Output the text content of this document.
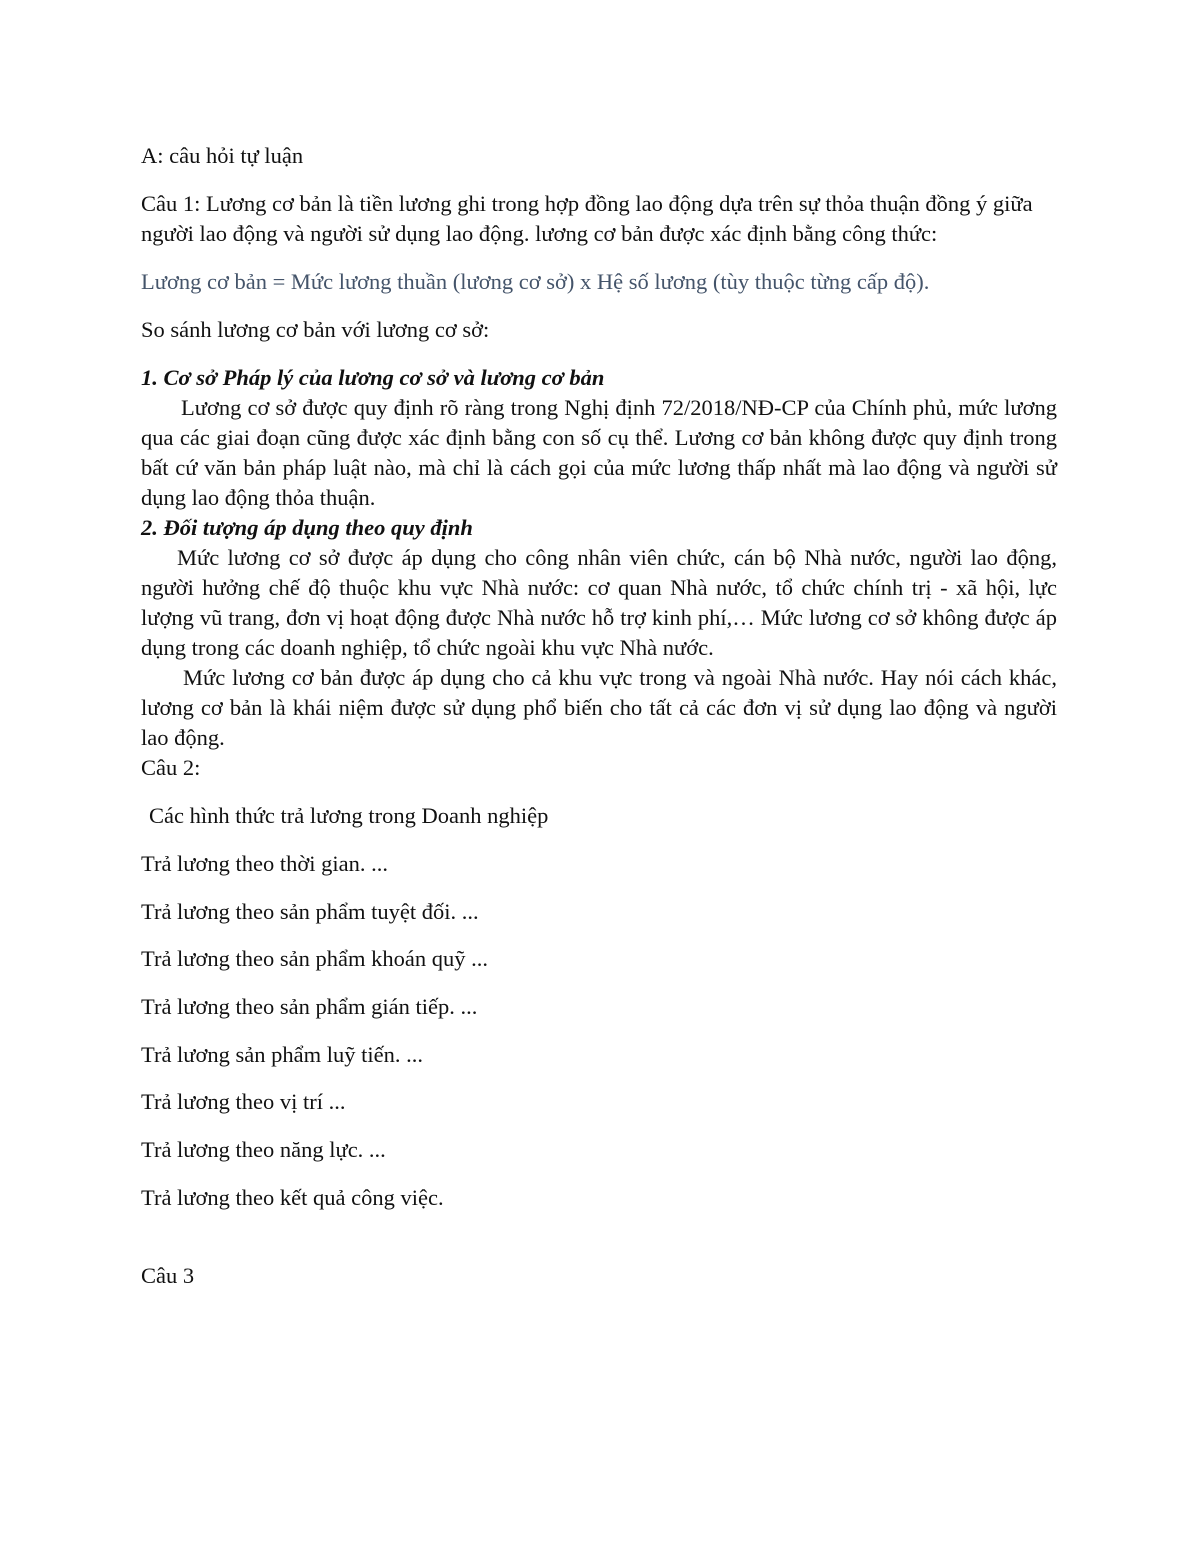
A: câu hỏi tự luận

Câu 1: Lương cơ bản là tiền lương ghi trong hợp đồng lao động dựa trên sự thỏa thuận đồng ý giữa người lao động và người sử dụng lao động. lương cơ bản được xác định bằng công thức:

Lương cơ bản = Mức lương thuần (lương cơ sở) x Hệ số lương (tùy thuộc từng cấp độ).

So sánh lương cơ bản với lương cơ sở:

1. Cơ sở Pháp lý của lương cơ sở và lương cơ bản

Lương cơ sở được quy định rõ ràng trong Nghị định 72/2018/NĐ-CP của Chính phủ, mức lương qua các giai đoạn cũng được xác định bằng con số cụ thể. Lương cơ bản không được quy định trong bất cứ văn bản pháp luật nào, mà chỉ là cách gọi của mức lương thấp nhất mà lao động và người sử dụng lao động thỏa thuận.

2. Đối tượng áp dụng theo quy định

Mức lương cơ sở được áp dụng cho công nhân viên chức, cán bộ Nhà nước, người lao động, người hưởng chế độ thuộc khu vực Nhà nước: cơ quan Nhà nước, tổ chức chính trị - xã hội, lực lượng vũ trang, đơn vị hoạt động được Nhà nước hỗ trợ kinh phí,… Mức lương cơ sở không được áp dụng trong các doanh nghiệp, tổ chức ngoài khu vực Nhà nước.

Mức lương cơ bản được áp dụng cho cả khu vực trong và ngoài Nhà nước. Hay nói cách khác, lương cơ bản là khái niệm được sử dụng phổ biến cho tất cả các đơn vị sử dụng lao động và người lao động.

Câu 2:

Các hình thức trả lương trong Doanh nghiệp

Trả lương theo thời gian. ...

Trả lương theo sản phẩm tuyệt đối. ...

Trả lương theo sản phẩm khoán quỹ ...

Trả lương theo sản phẩm gián tiếp. ...

Trả lương sản phẩm luỹ tiến. ...

Trả lương theo vị trí ...

Trả lương theo năng lực. ...

Trả lương theo kết quả công việc.

Câu 3
